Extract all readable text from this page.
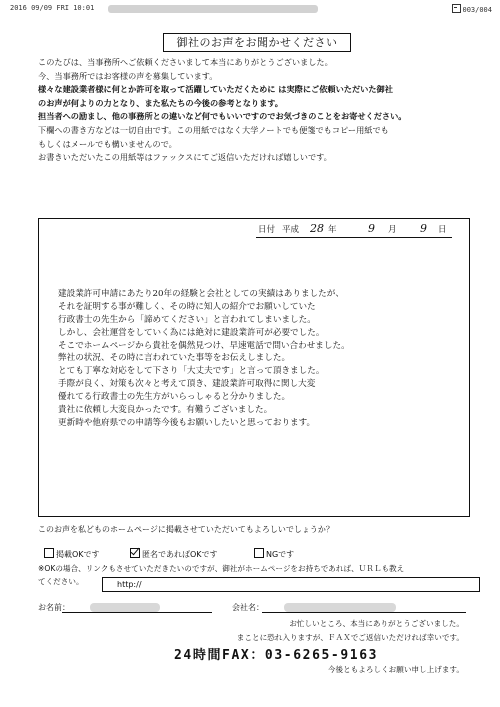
2016 09/09 FRI 10:01	003/004
御社のお声をお聞かせください

このたびは、当事務所へご依頼くださいまして本当にありがとうございました。

今、当事務所ではお客様の声を募集しています。

様々な建設業者様に何とか許可を取って活躍していただくために は実際にご依頼いただいた御社

のお声が何よりの力となり、また私たちの今後の参考となります。

担当者への励まし、他の事務所との違いなど何でもいいですのでお気づきのことをお寄せください。

下欄への書き方などは一切自由です。この用紙ではなく大学ノートでも便箋でもコピー用紙でも

もしくはメールでも構いませんので。

お書きいただいたこの用紙等はファックスにてご返信いただければ嬉しいです。

日付 平成 28 年	9 月 9 日

建設業許可申請にあたり20年の経験と会社としての実績はありましたが、

それを証明する事が難しく、その時に知人の紹介でお願いしていた

行政書士の先生から「諦めてください」と言われてしまいました。

しかし、会社運営をしていく為には絶対に建設業許可が必要でした。

そこでホームページから貴社を偶然見つけ、早速電話で問い合わせました。

弊社の状況、その時に言われていた事等をお伝えしました。

とても丁寧な対応をして下さり「大丈夫です」と言って頂きました。

手際が良く、対策も次々と考えて頂き、建設業許可取得に関し大変

優れてる行政書士の先生方がいらっしゃると分かりました。

貴社に依頼し大変良かったです。有難うございました。

更新時や他府県での申請等今後もお願いしたいと思っております。

このお声を私どものホームページに掲載させていただいてもよろしいでしょうか？
掲載OKです	匿名であればOKです	NGです

※OKの場合、リンクもさせていただきたいのですが、御社がホームページをお持ちであれば、ＵＲＬも教え

てください。	http://
お名前：	会社名：
お忙しいところ、本当にありがとうございました。
まことに恐れ入りますが、ＦＡＸでご返信いただければ幸いです。
24時間FAX：03-6265-9163
今後ともよろしくお願い申し上げます。
